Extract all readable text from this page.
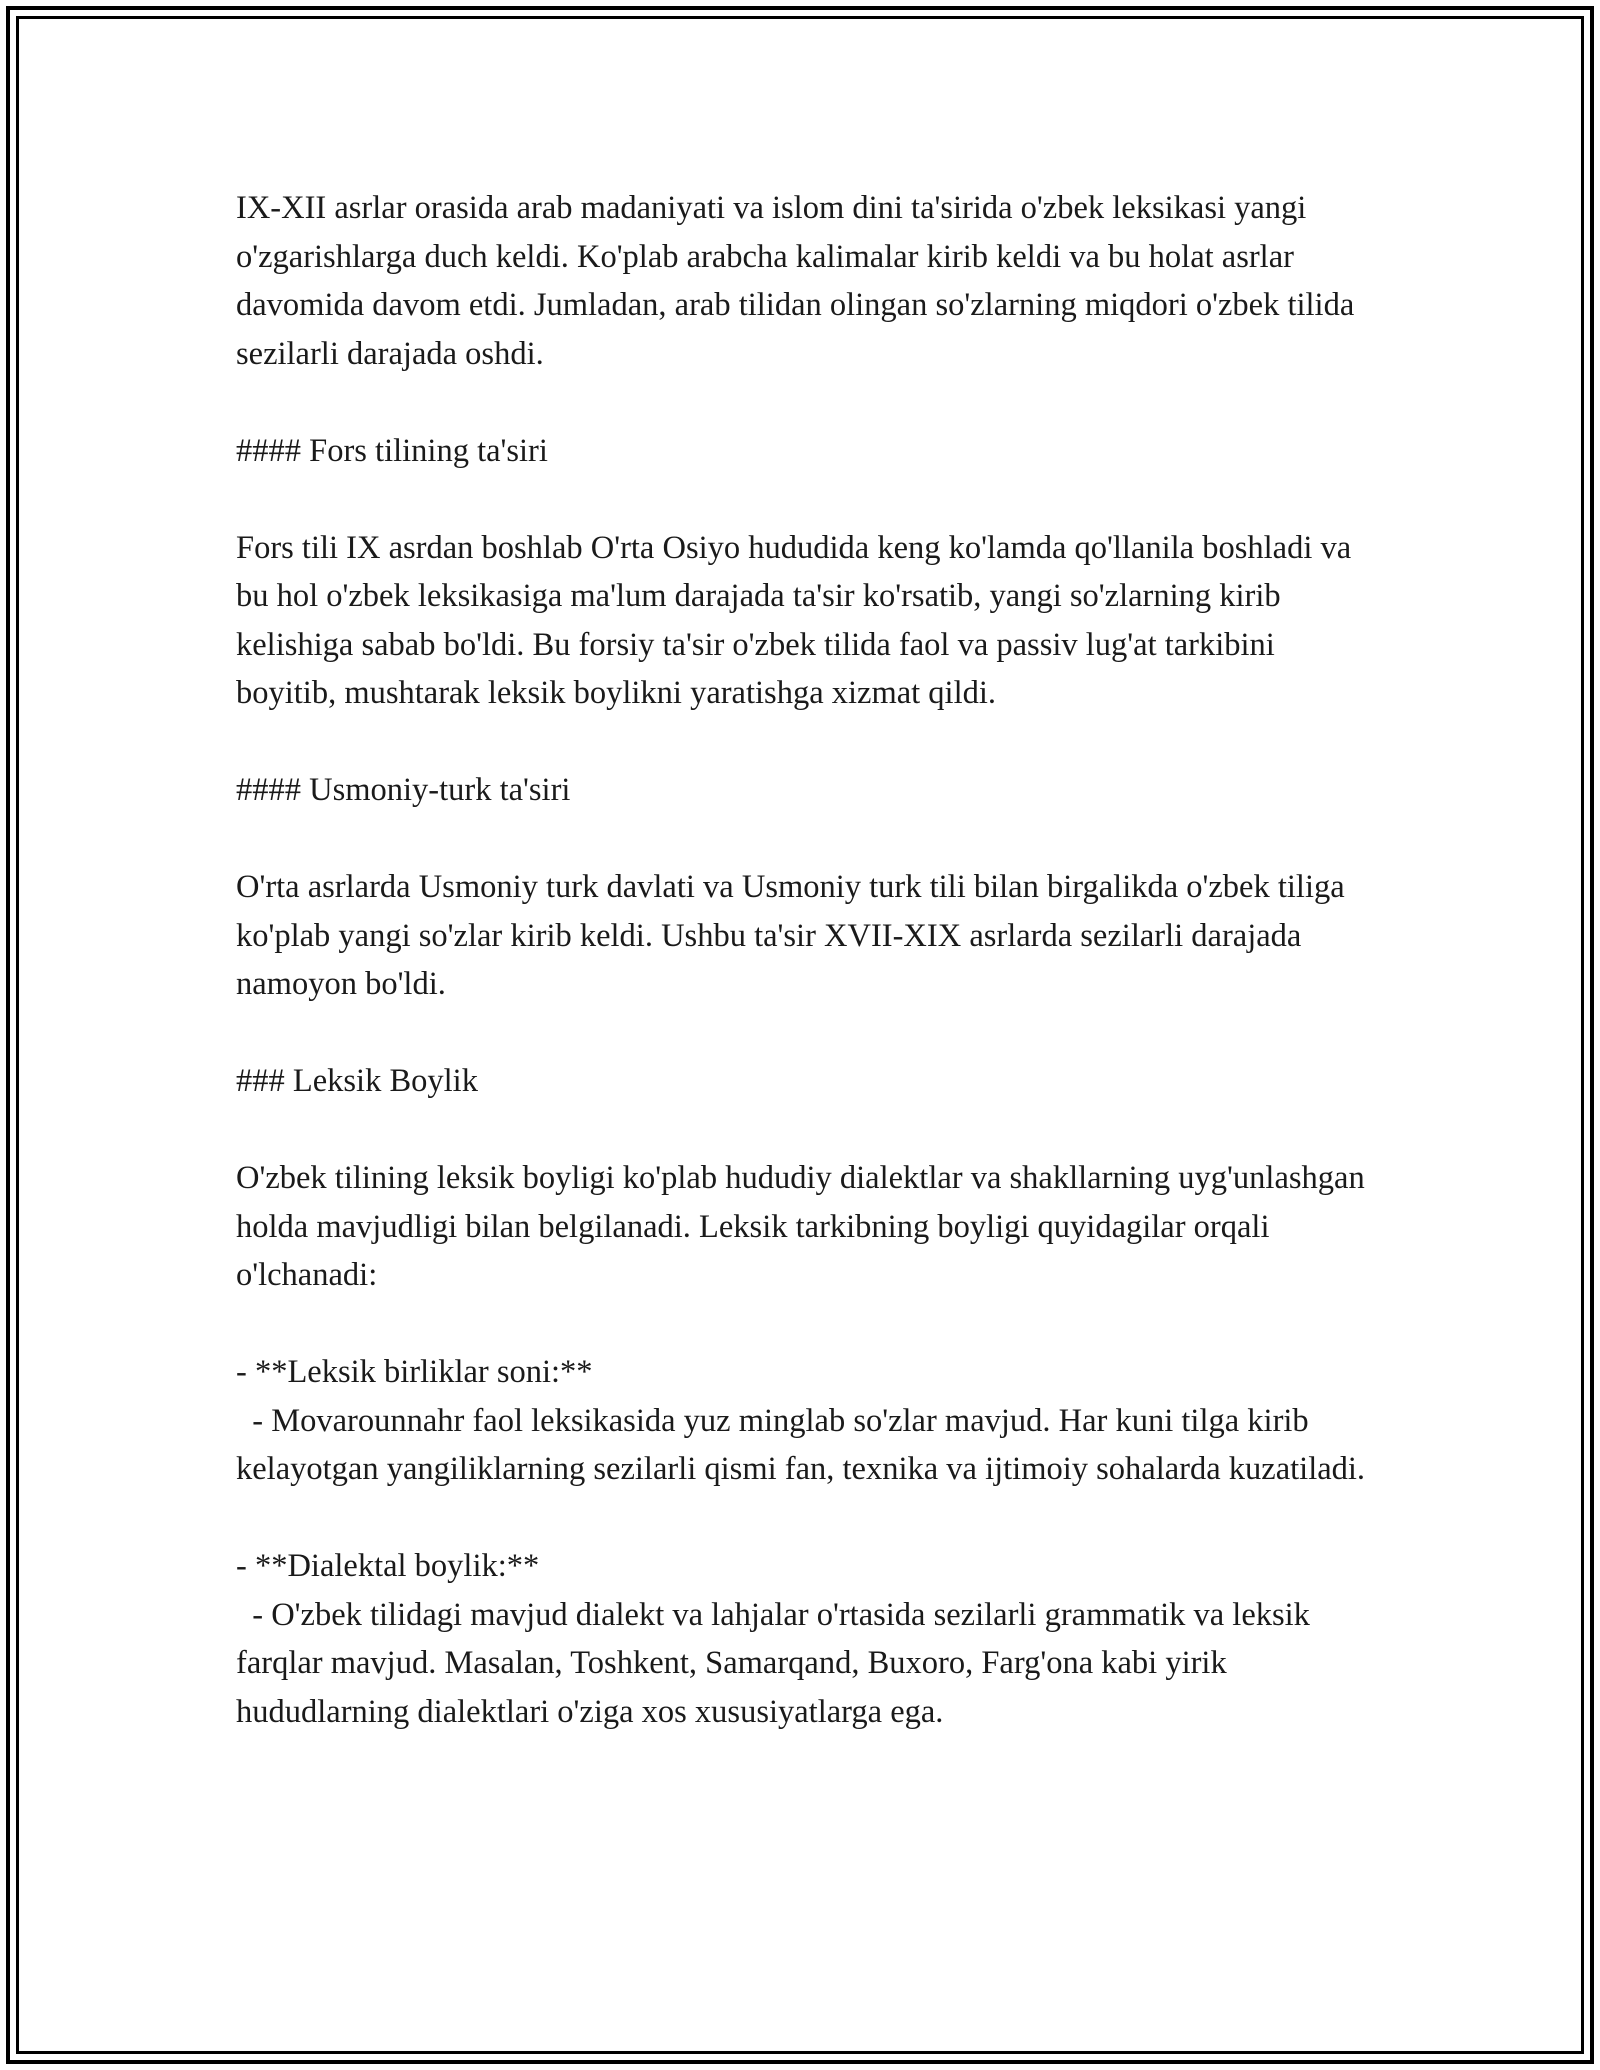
IX-XII asrlar orasida arab madaniyati va islom dini ta'sirida o'zbek leksikasi yangi o'zgarishlarga duch keldi. Ko'plab arabcha kalimalar kirib keldi va bu holat asrlar davomida davom etdi. Jumladan, arab tilidan olingan so'zlarning miqdori o'zbek tilida sezilarli darajada oshdi.

#### Fors tilining ta'siri

Fors tili IX asrdan boshlab O'rta Osiyo hududida keng ko'lamda qo'llanila boshladi va bu hol o'zbek leksikasiga ma'lum darajada ta'sir ko'rsatib, yangi so'zlarning kirib kelishiga sabab bo'ldi. Bu forsiy ta'sir o'zbek tilida faol va passiv lug'at tarkibini boyitib, mushtarak leksik boylikni yaratishga xizmat qildi.

#### Usmoniy-turk ta'siri

O'rta asrlarda Usmoniy turk davlati va Usmoniy turk tili bilan birgalikda o'zbek tiliga ko'plab yangi so'zlar kirib keldi. Ushbu ta'sir XVII-XIX asrlarda sezilarli darajada namoyon bo'ldi.

### Leksik Boylik

O'zbek tilining leksik boyligi ko'plab hududiy dialektlar va shakllarning uyg'unlashgan holda mavjudligi bilan belgilanadi. Leksik tarkibning boyligi quyidagilar orqali o'lchanadi:

- **Leksik birliklar soni:**
- Movarounnahr faol leksikasida yuz minglab so'zlar mavjud. Har kuni tilga kirib kelayotgan yangiliklarning sezilarli qismi fan, texnika va ijtimoiy sohalarda kuzatiladi.

- **Dialektal boylik:**
- O'zbek tilidagi mavjud dialekt va lahjalar o'rtasida sezilarli grammatik va leksik farqlar mavjud. Masalan, Toshkent, Samarqand, Buxoro, Farg'ona kabi yirik hududlarning dialektlari o'ziga xos xususiyatlarga ega.
